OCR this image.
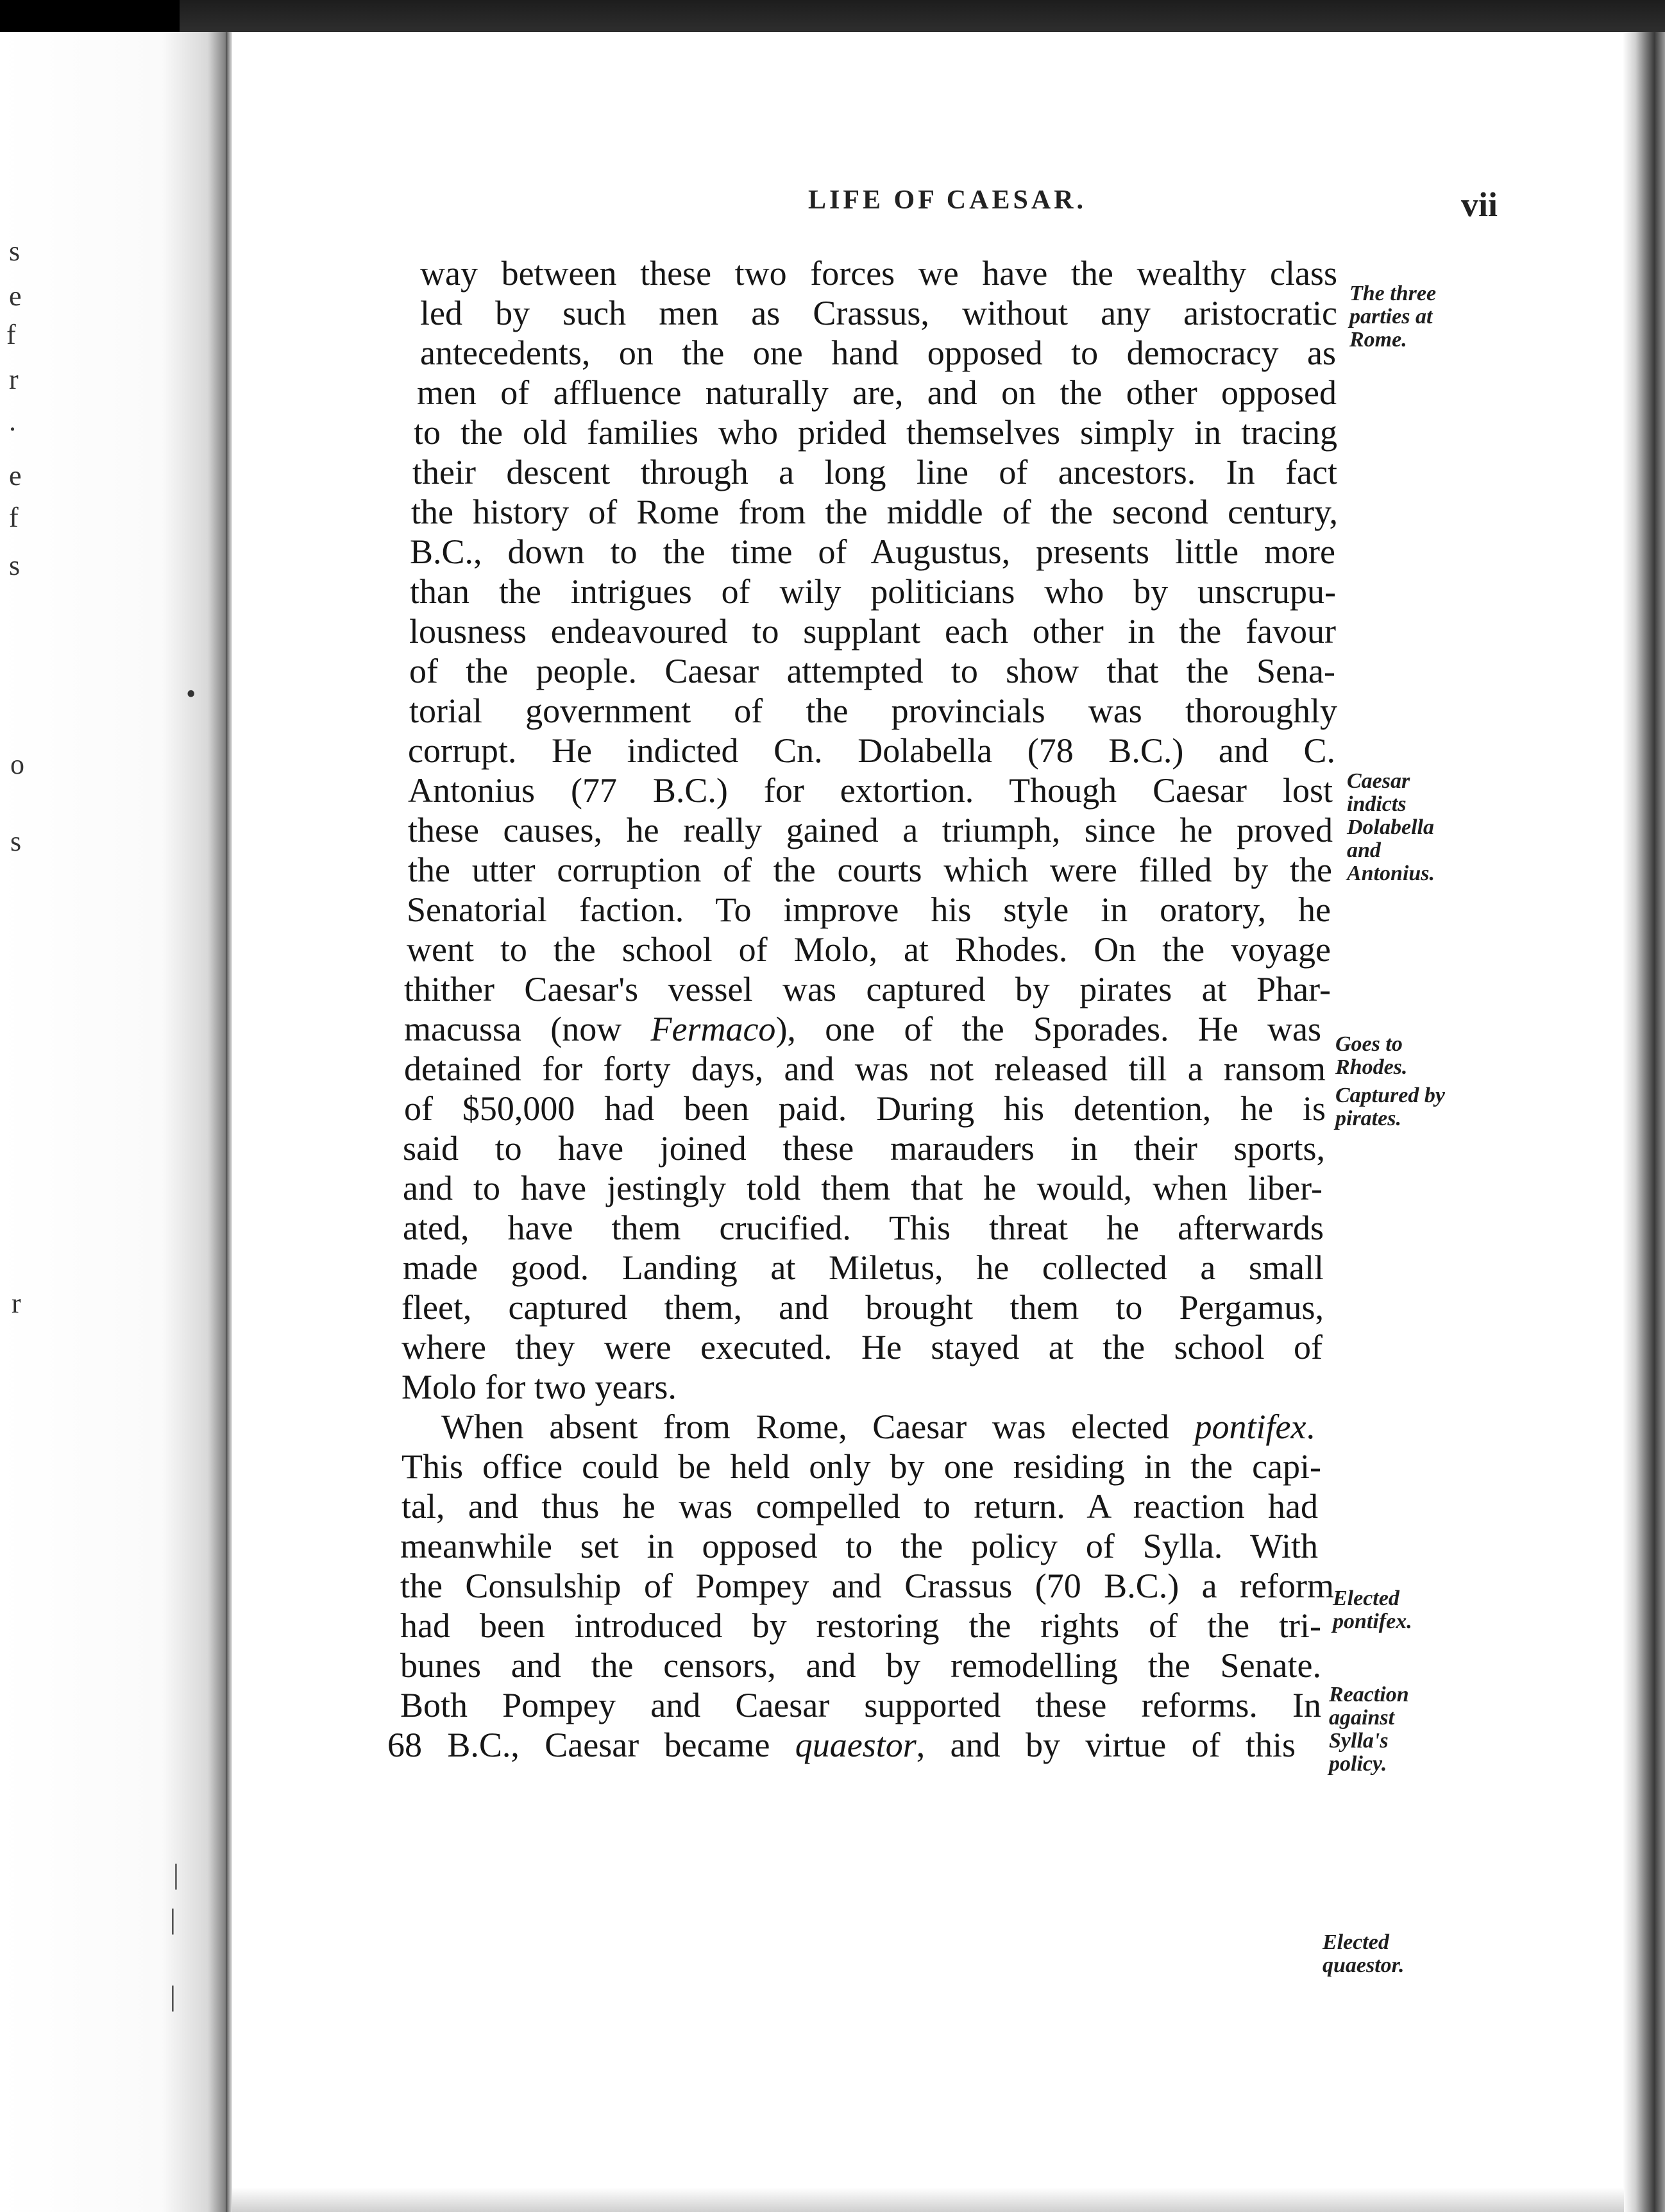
s
e
f
r
.
e
f
s
•
o
s
r
|
|
|
LIFE OF CAESAR.	vii
way between these two forces we have the wealthy class
led by such men as Crassus, without any aristocratic
antecedents, on the one hand opposed to democracy as
men of affluence naturally are, and on the other opposed
to the old families who prided themselves simply in tracing
their descent through a long line of ancestors. In fact
the history of Rome from the middle of the second century,
B.C., down to the time of Augustus, presents little more
than the intrigues of wily politicians who by unscrupu-
lousness endeavoured to supplant each other in the favour
of the people. Caesar attempted to show that the Sena-
torial government of the provincials was thoroughly
corrupt. He indicted Cn. Dolabella (78 B.C.) and C.
Antonius (77 B.C.) for extortion. Though Caesar lost
these causes, he really gained a triumph, since he proved
the utter corruption of the courts which were filled by the
Senatorial faction. To improve his style in oratory, he
went to the school of Molo, at Rhodes. On the voyage
thither Caesar's vessel was captured by pirates at Phar-
macussa (now Fermaco), one of the Sporades. He was
detained for forty days, and was not released till a ransom
of $50,000 had been paid. During his detention, he is
said to have joined these marauders in their sports,
and to have jestingly told them that he would, when liber-
ated, have them crucified. This threat he afterwards
made good. Landing at Miletus, he collected a small
fleet, captured them, and brought them to Pergamus,
where they were executed. He stayed at the school of
Molo for two years.
When absent from Rome, Caesar was elected pontifex.
This office could be held only by one residing in the capi-
tal, and thus he was compelled to return. A reaction had
meanwhile set in opposed to the policy of Sylla. With
the Consulship of Pompey and Crassus (70 B.C.) a reform
had been introduced by restoring the rights of the tri-
bunes and the censors, and by remodelling the Senate.
Both Pompey and Caesar supported these reforms. In
68 B.C., Caesar became quaestor, and by virtue of this
The three
parties at
Rome.
Caesar
indicts
Dolabella
and
Antonius.
Goes to
Rhodes.
Captured by
pirates.
Elected
pontifex.
Reaction
against
Sylla's
policy.
Elected
quaestor.
